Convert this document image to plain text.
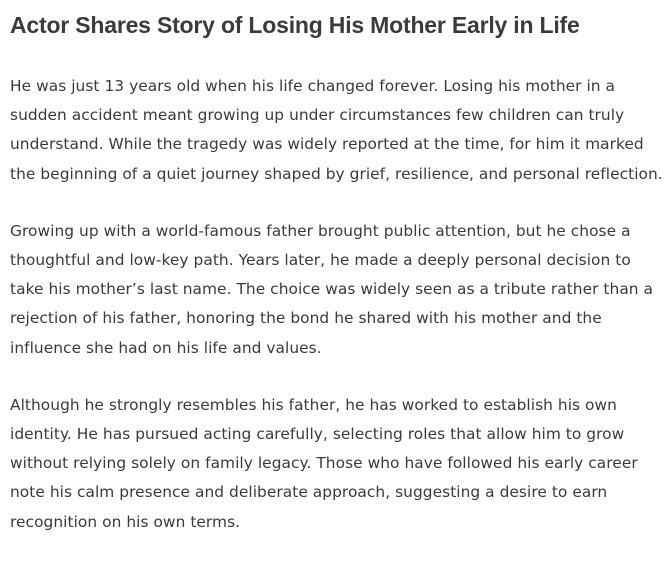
Actor Shares Story of Losing His Mother Early in Life

He was just 13 years old when his life changed forever. Losing his mother in a sudden accident meant growing up under circumstances few children can truly understand. While the tragedy was widely reported at the time, for him it marked the beginning of a quiet journey shaped by grief, resilience, and personal reflection.

Growing up with a world-famous father brought public attention, but he chose a thoughtful and low-key path. Years later, he made a deeply personal decision to take his mother’s last name. The choice was widely seen as a tribute rather than a rejection of his father, honoring the bond he shared with his mother and the influence she had on his life and values.

Although he strongly resembles his father, he has worked to establish his own identity. He has pursued acting carefully, selecting roles that allow him to grow without relying solely on family legacy. Those who have followed his early career note his calm presence and deliberate approach, suggesting a desire to earn recognition on his own terms.
